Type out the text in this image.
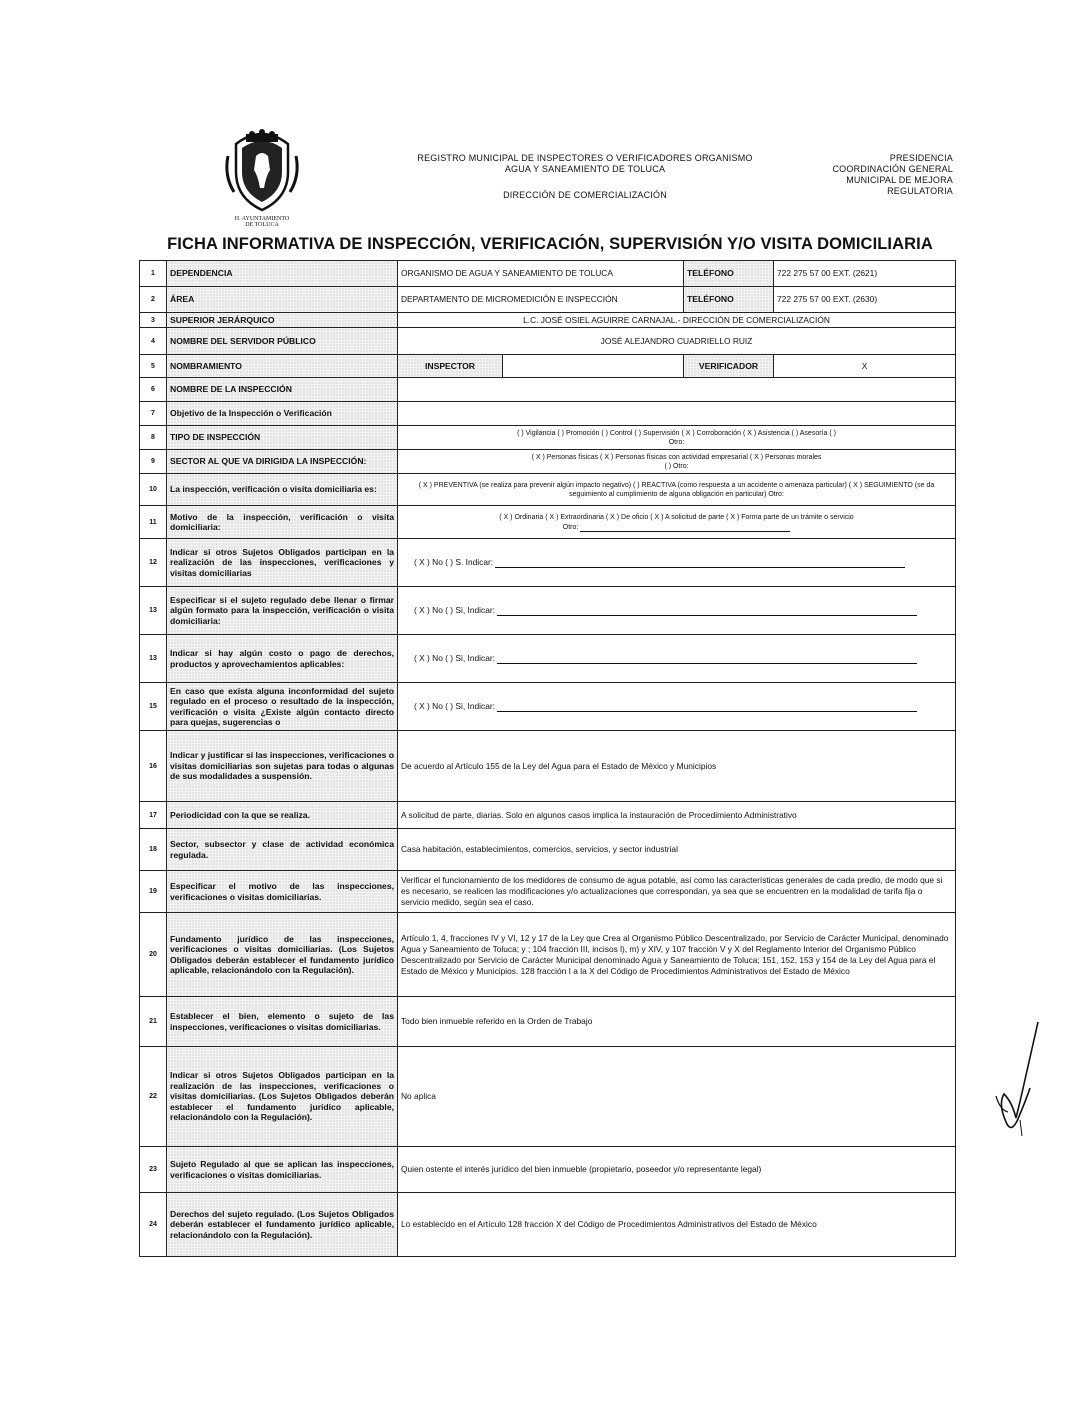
H. AYUNTAMIENTO
DE TOLUCA
REGISTRO MUNICIPAL DE INSPECTORES O VERIFICADORES ORGANISMO
AGUA Y SANEAMIENTO DE TOLUCA
DIRECCIÓN DE COMERCIALIZACIÓN
PRESIDENCIA
COORDINACIÓN GENERAL
MUNICIPAL DE MEJORA
REGULATORIA
FICHA INFORMATIVA DE INSPECCIÓN, VERIFICACIÓN, SUPERVISIÓN Y/O VISITA DOMICILIARIA
1	DEPENDENCIA	ORGANISMO DE AGUA Y SANEAMIENTO DE TOLUCA		TELÉFONO	722 275 57 00 EXT. (2621)
2	ÁREA	DEPARTAMENTO DE MICROMEDICIÓN E INSPECCIÓN		TELÉFONO	722 275 57 00 EXT. (2630)
3	SUPERIOR JERÁRQUICO	L.C. JOSÉ OSIEL AGUIRRE CARNAJAL.- DIRECCIÓN DE COMERCIALIZACIÓN			
4	NOMBRE DEL SERVIDOR PÚBLICO	JOSÉ ALEJANDRO CUADRIELLO RUIZ			
5	NOMBRAMIENTO	INSPECTOR		VERIFICADOR	X
6	NOMBRE DE LA INSPECCIÓN				
7	Objetivo de la Inspección o Verificación				
8	TIPO DE INSPECCIÓN	( ) Vigilancia ( ) Promoción ( ) Control ( ) Supervisión ( X ) Corroboración ( X ) Asistencia ( ) Asesoría ( )
Otro:			

9	SECTOR AL QUE VA DIRIGIDA LA INSPECCIÓN:	( X ) Personas físicas ( X ) Personas físicas con actividad empresarial ( X ) Personas morales
( ) Otro:			

10	La inspección, verificación o visita domiciliaria es:	( X ) PREVENTIVA (se realiza para prevenir algún impacto negativo) ( ) REACTIVA (como respuesta a un accidente o amenaza particular) ( X ) SEGUIMIENTO (se da seguimiento al cumplimiento de alguna obligación en particular) Otro:			
11	Motivo de la inspección, verificación o visita domiciliaria:	( X ) Ordinaria ( X ) Extraordinaria ( X ) De oficio ( X ) A solicitud de parte ( X ) Forma parte de un trámite o servicio
Otro:			

12	Indicar si otros Sujetos Obligados participan en la realización de las inspecciones, verificaciones y visitas domiciliarias	( X ) No ( ) S. Indicar:			
13	Especificar si el sujeto regulado debe llenar o firmar algún formato para la inspección, verificación o visita domiciliaria:	( X ) No ( ) Si, Indicar:			
13	Indicar si hay algún costo o pago de derechos, productos y aprovechamientos aplicables:	( X ) No ( ) Si, Indicar:			
15	En caso que exista alguna inconformidad del sujeto regulado en el proceso o resultado de la inspección, verificación o visita ¿Existe algún contacto directo para quejas, sugerencias o	( X ) No ( ) Si, Indicar:			
16	Indicar y justificar si las inspecciones, verificaciones o visitas domiciliarias son sujetas para todas o algunas de sus modalidades a suspensión.	De acuerdo al Artículo 155 de la Ley del Agua para el Estado de México y Municipios			
17	Periodicidad con la que se realiza.	A solicitud de parte, diarias. Solo en algunos casos implica la instauración de Procedimiento Administrativo			
18	Sector, subsector y clase de actividad económica regulada.	Casa habitación, establecimientos, comercios, servicios, y sector industrial			
19	Especificar el motivo de las inspecciones, verificaciones o visitas domiciliarias.	Verificar el funcionamiento de los medidores de consumo de agua potable, así como las características generales de cada predio, de modo que si es necesario, se realicen las modificaciones y/o actualizaciones que correspondan, ya sea que se encuentren en la modalidad de tarifa fija o servicio medido, según sea el caso.			
20	Fundamento jurídico de las inspecciones, verificaciones o visitas domiciliarias. (Los Sujetos Obligados deberán establecer el fundamento jurídico aplicable, relacionándolo con la Regulación).	Artículo 1, 4, fracciones IV y VI, 12 y 17 de la Ley que Crea al Organismo Público Descentralizado, por Servicio de Carácter Municipal, denominado Agua y Saneamiento de Toluca; y ; 104 fracción III, incisos l), m) y XIV, y 107 fracción V y X del Reglamento Interior del Organismo Público Descentralizado por Servicio de Carácter Municipal denominado Agua y Saneamiento de Toluca; 151, 152, 153 y 154 de la Ley del Agua para el Estado de México y Municipios. 128 fracción I a la X del Código de Procedimientos Administrativos del Estado de México			
21	Establecer el bien, elemento o sujeto de las inspecciones, verificaciones o visitas domiciliarias.	Todo bien inmueble referido en la Orden de Trabajo			
22	Indicar si otros Sujetos Obligados participan en la realización de las inspecciones, verificaciones o visitas domiciliarias. (Los Sujetos Obligados deberán establecer el fundamento jurídico aplicable, relacionándolo con la Regulación).	No aplica			
23	Sujeto Regulado al que se aplican las inspecciones, verificaciones o visitas domiciliarias.	Quien ostente el interés jurídico del bien inmueble (propietario, poseedor y/o representante legal)			
24	Derechos del sujeto regulado. (Los Sujetos Obligados deberán establecer el fundamento jurídico aplicable, relacionándolo con la Regulación).	Lo establecido en el Artículo 128 fracción X del Código de Procedimientos Administrativos del Estado de México			
